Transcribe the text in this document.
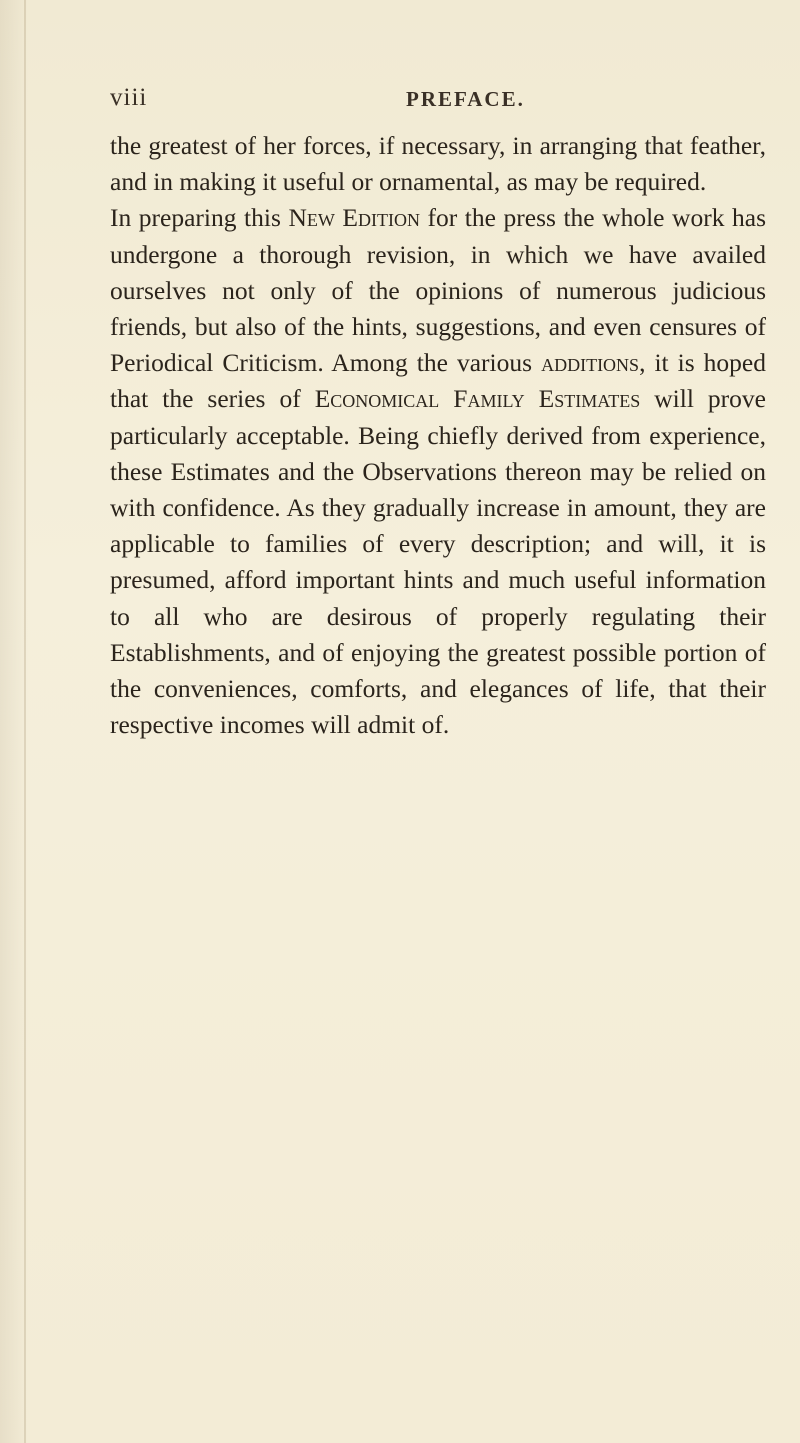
viii	PREFACE.

the greatest of her forces, if necessary, in arranging that feather, and in making it useful or ornamental, as may be required.

In preparing this New Edition for the press the whole work has undergone a thorough revision, in which we have availed ourselves not only of the opinions of numerous judicious friends, but also of the hints, suggestions, and even censures of Periodical Criticism. Among the various additions, it is hoped that the series of Economical Family Estimates will prove particularly acceptable. Being chiefly derived from experience, these Estimates and the Observations thereon may be relied on with confidence. As they gradually increase in amount, they are applicable to families of every description; and will, it is presumed, afford important hints and much useful information to all who are desirous of properly regulating their Establishments, and of enjoying the greatest possible portion of the conveniences, comforts, and elegances of life, that their respective incomes will admit of.
